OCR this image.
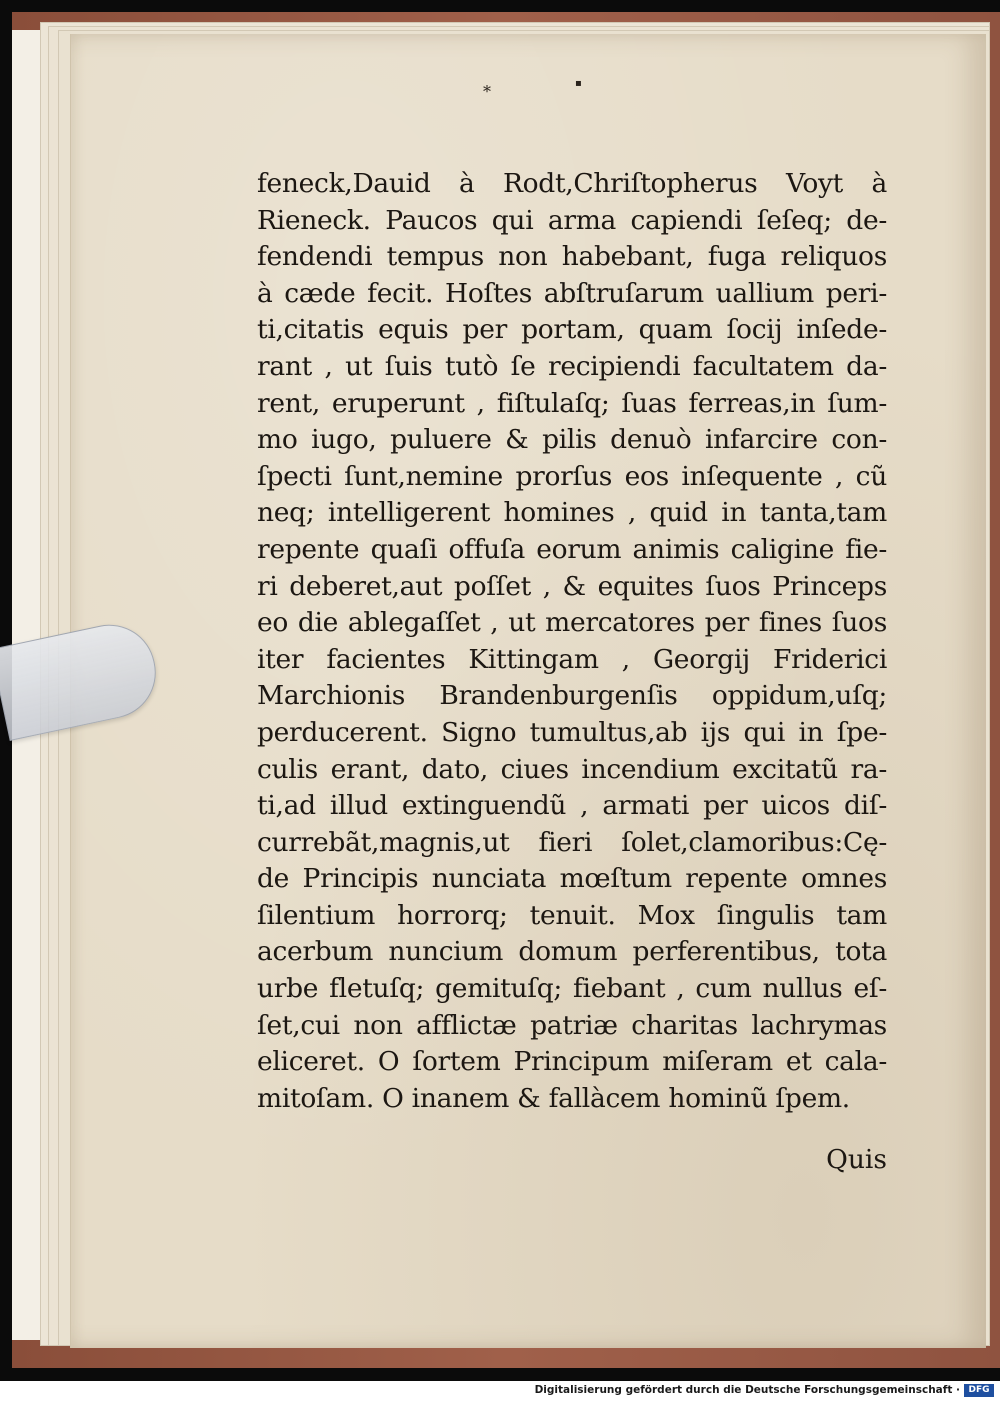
*	▪
feneck,Dauid à Rodt,Chriſtopherus Voyt à
Rieneck. Paucos qui arma capiendi ſeſeq; de-
fendendi tempus non habebant, fuga reliquos
à cæde fecit. Hoſtes abſtruſarum uallium peri-
ti,citatis equis per portam, quam ſocij inſede-
rant , ut ſuis tutò ſe recipiendi facultatem da-
rent, eruperunt , fiſtulaſq; ſuas ferreas,in ſum-
mo iugo, puluere & pilis denuò infarcire con-
ſpecti ſunt,nemine prorſus eos inſequente , cũ
neq; intelligerent homines , quid in tanta,tam
repente quaſi offuſa eorum animis caligine fie-
ri deberet,aut poſſet , & equites ſuos Princeps
eo die ablegaſſet , ut mercatores per fines ſuos
iter facientes Kittingam , Georgij Friderici
Marchionis Brandenburgenſis oppidum,uſq;
perducerent. Signo tumultus,ab ijs qui in ſpe-
culis erant, dato, ciues incendium excitatũ ra-
ti,ad illud extinguendũ , armati per uicos diſ-
currebãt,magnis,ut fieri ſolet,clamoribus:Cę-
de Principis nunciata mœſtum repente omnes
ſilentium horrorq; tenuit. Mox ſingulis tam
acerbum nuncium domum perferentibus, tota
urbe fletuſq; gemituſq; fiebant , cum nullus eſ-
ſet,cui non afflictæ patriæ charitas lachrymas
eliceret. O ſortem Principum miſeram et cala-
mitoſam. O inanem & fallàcem hominũ ſpem.
Quis
Digitalisierung gefördert durch die Deutsche Forschungsgemeinschaft · DFG
